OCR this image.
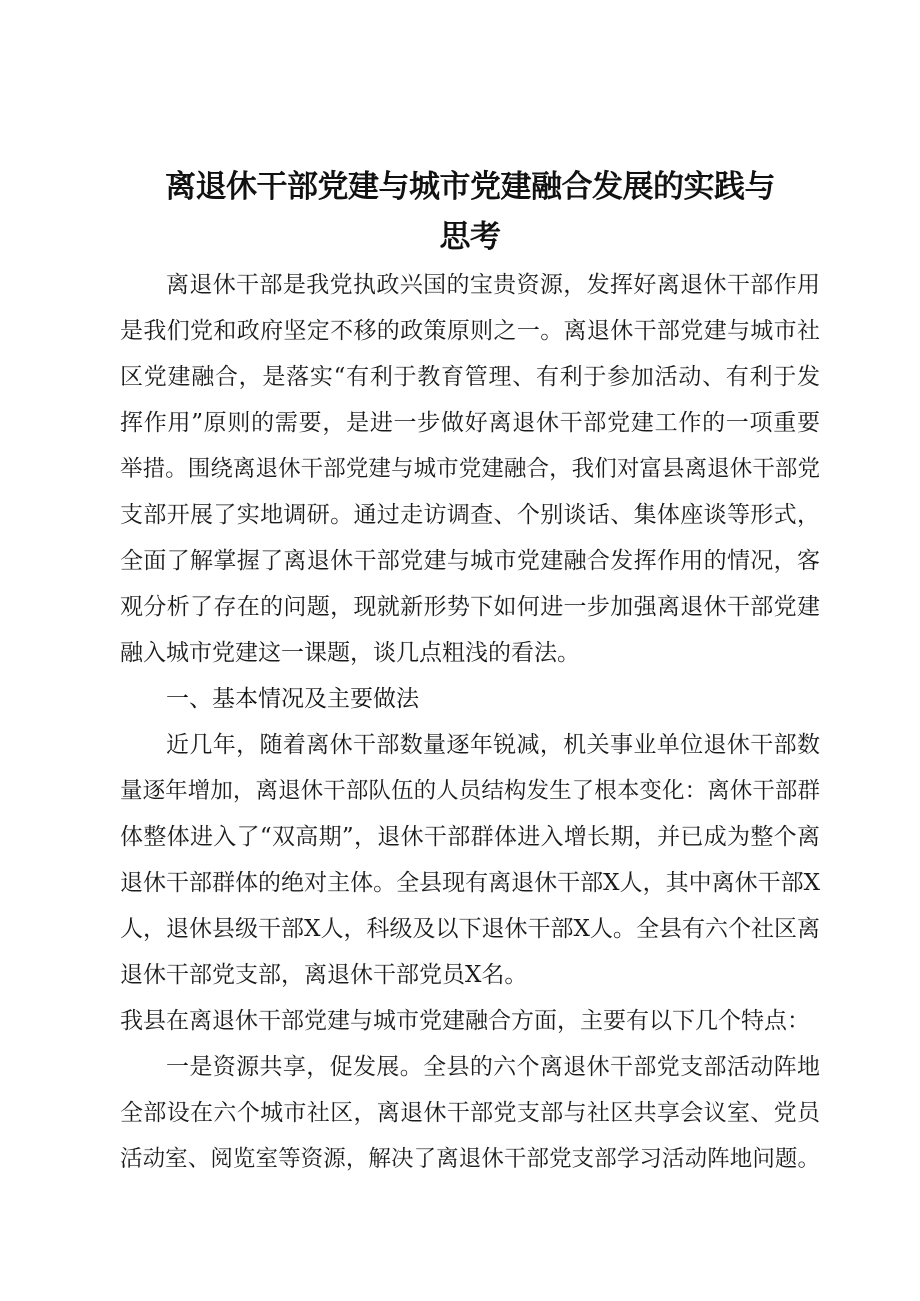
离退休干部党建与城市党建融合发展的实践与
思考
离退休干部是我党执政兴国的宝贵资源，发挥好离退休干部作用
是我们党和政府坚定不移的政策原则之一。离退休干部党建与城市社
区党建融合，是落实“有利于教育管理、有利于参加活动、有利于发
挥作用”原则的需要，是进一步做好离退休干部党建工作的一项重要
举措。围绕离退休干部党建与城市党建融合，我们对富县离退休干部党
支部开展了实地调研。通过走访调查、个别谈话、集体座谈等形式，
全面了解掌握了离退休干部党建与城市党建融合发挥作用的情况，客
观分析了存在的问题，现就新形势下如何进一步加强离退休干部党建
融入城市党建这一课题，谈几点粗浅的看法。
一、基本情况及主要做法
近几年，随着离休干部数量逐年锐减，机关事业单位退休干部数
量逐年增加，离退休干部队伍的人员结构发生了根本变化：离休干部群
体整体进入了“双高期”，退休干部群体进入增长期，并已成为整个离
退休干部群体的绝对主体。全县现有离退休干部X人，其中离休干部X
人，退休县级干部X人，科级及以下退休干部X人。全县有六个社区离
退休干部党支部，离退休干部党员X名。
我县在离退休干部党建与城市党建融合方面，主要有以下几个特点：
一是资源共享，促发展。全县的六个离退休干部党支部活动阵地
全部设在六个城市社区，离退休干部党支部与社区共享会议室、党员
活动室、阅览室等资源，解决了离退休干部党支部学习活动阵地问题。
